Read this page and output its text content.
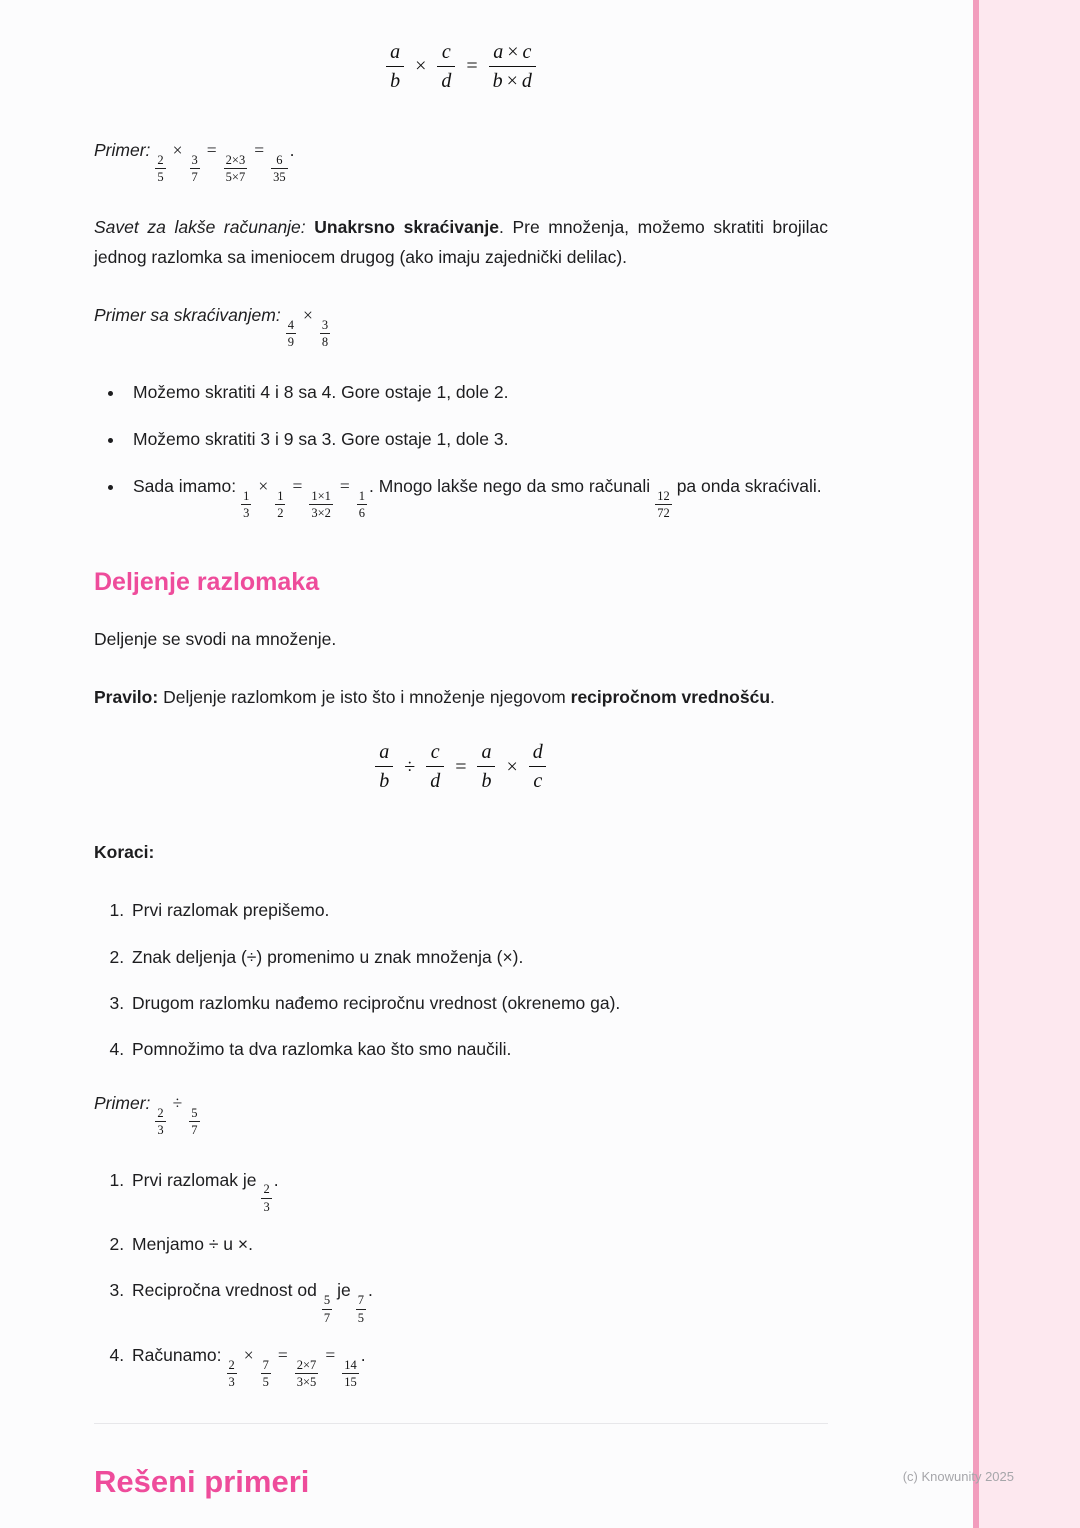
$\frac{a}{b} \times \frac{c}{d} = \frac{a \times c}{b \times d}$

Primer:
$\frac{2}{5}$
×
$\frac{3}{7}$
=
$\frac{2\times 3}{5\times 7}$
=
$\frac{6}{35}$
.

Savet za lakše računanje: Unakrsno skraćivanje. Pre množenja, možemo skratiti brojilac jednog razlomka sa imeniocem drugog (ako imaju zajednički delilac).

Primer sa skraćivanjem:
$\frac{4}{9}$
×
$\frac{3}{8}$

• Možemo skratiti 4 i 8 sa 4. Gore ostaje 1, dole 2.
• Možemo skratiti 3 i 9 sa 3. Gore ostaje 1, dole 3.
• Sada imamo:
$\frac{1}{3}$
×
$\frac{1}{2}$
=
$\frac{1\times 1}{3\times 2}$
=
$\frac{1}{6}$
. Mnogo lakše nego da smo računali
$\frac{12}{72}$
pa onda skraćivali.
Deljenje razlomaka

Deljenje se svodi na množenje.

Pravilo: Deljenje razlomkom je isto što i množenje njegovom recipročnom vrednošću.

$\frac{a}{b} \div \frac{c}{d} = \frac{a}{b} \times \frac{d}{c}$

Koraci:

1. Prvi razlomak prepišemo.
2. Znak deljenja (÷) promenimo u znak množenja (×).
3. Drugom razlomku nađemo recipročnu vrednost (okrenemo ga).
4. Pomnožimo ta dva razlomka kao što smo naučili.

Primer:
$\frac{2}{3}$
÷
$\frac{5}{7}$

1. Prvi razlomak je
$\frac{2}{3}$
.
2. Menjamo ÷ u ×.
3. Recipročna vrednost od
$\frac{5}{7}$
je
$\frac{7}{5}$
.
4. Računamo:
$\frac{2}{3}$
×
$\frac{7}{5}$
=
$\frac{2\times 7}{3\times 5}$
=
$\frac{14}{15}$
.
Rešeni primeri	(c) Knowunity 2025
